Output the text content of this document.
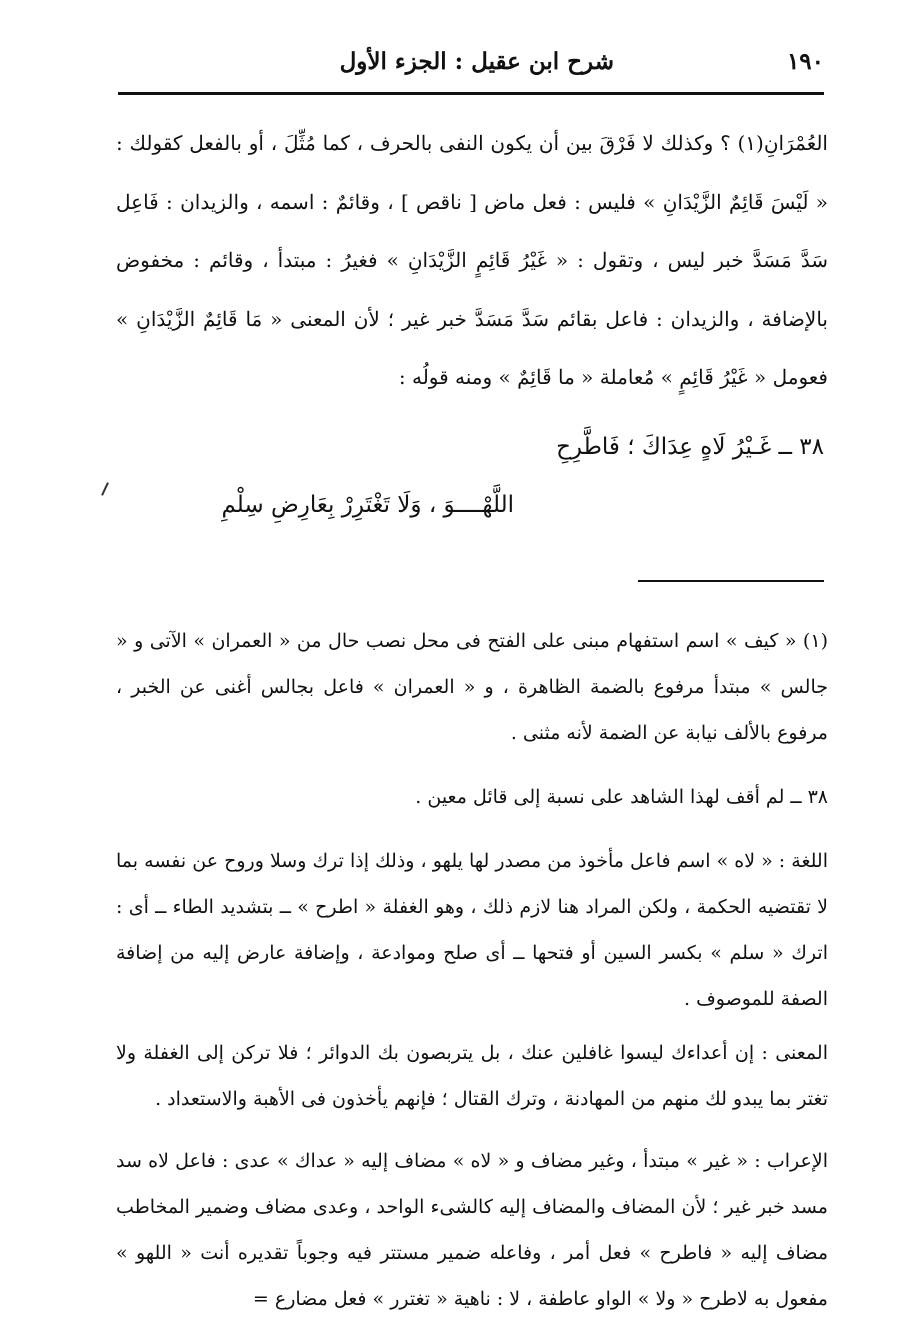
١٩٠
شرح ابن عقيل : الجزء الأول
العُمْرَانِ(١) ؟ وكذلك لا فَرْقَ بين أن يكون النفى بالحرف ، كما مُثِّلَ ، أو بالفعل كقولك : « لَيْسَ قَائِمٌ الزَّيْدَانِ » فليس : فعل ماض [ ناقص ] ، وقائمٌ : اسمه ، والزيدان : فَاعِل سَدَّ مَسَدَّ خبر ليس ، وتقول : « غَيْرُ قَائِمٍ الزَّيْدَانِ » فغيرُ : مبتدأ ، وقائم : مخفوض بالإضافة ، والزيدان : فاعل بقائم سَدَّ مَسَدَّ خبر غير ؛ لأن المعنى « مَا قَائِمٌ الزَّيْدَانِ » فعومل « غَيْرُ قَائِمٍ » مُعاملة « ما قَائِمٌ » ومنه قولُه :
٣٨ ــ غَـيْرُ لَاهٍ عِدَاكَ ؛ فَاطَّرِحِ
اللَّهْــــوَ ، وَلَا تَغْتَرِرْ بِعَارِضِ سِلْمِ
(١) « كيف » اسم استفهام مبنى على الفتح فى محل نصب حال من « العمران » الآتى و « جالس » مبتدأ مرفوع بالضمة الظاهرة ، و « العمران » فاعل بجالس أغنى عن الخبر ، مرفوع بالألف نيابة عن الضمة لأنه مثنى .
٣٨ ــ لم أقف لهذا الشاهد على نسبة إلى قائل معين .
اللغة : « لاه » اسم فاعل مأخوذ من مصدر لها يلهو ، وذلك إذا ترك وسلا وروح عن نفسه بما لا تقتضيه الحكمة ، ولكن المراد هنا لازم ذلك ، وهو الغفلة « اطرح » ــ بتشديد الطاء ــ أى : اترك « سلم » بكسر السين أو فتحها ــ أى صلح وموادعة ، وإضافة عارض إليه من إضافة الصفة للموصوف .
المعنى : إن أعداءك ليسوا غافلين عنك ، بل يتربصون بك الدوائر ؛ فلا تركن إلى الغفلة ولا تغتر بما يبدو لك منهم من المهادنة ، وترك القتال ؛ فإنهم يأخذون فى الأهبة والاستعداد .
الإعراب : « غير » مبتدأ ، وغير مضاف و « لاه » مضاف إليه « عداك » عدى : فاعل لاه سد مسد خبر غير ؛ لأن المضاف والمضاف إليه كالشىء الواحد ، وعدى مضاف وضمير المخاطب مضاف إليه « فاطرح » فعل أمر ، وفاعله ضمير مستتر فيه وجوباً تقديره أنت « اللهو » مفعول به لاطرح « ولا » الواو عاطفة ، لا : ناهية « تغترر » فعل مضارع =
